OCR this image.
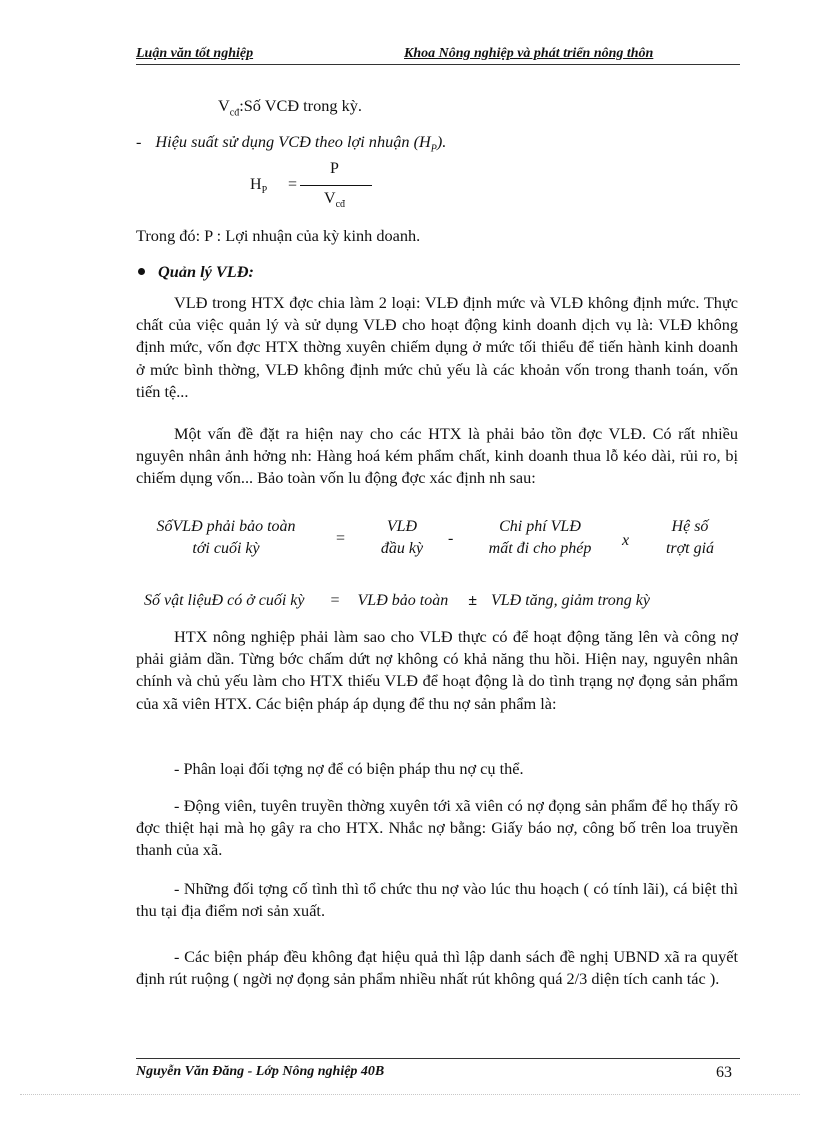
Luận văn tốt nghiệp	Khoa Nông nghiệp và phát triển nông thôn
$V_{cđ}:Số$ VCĐ trong kỳ.
- Hiệu suất sử dụng VCĐ theo lợi nhuận $(H_P)$.
$H_P$ =
P
$V_{cđ}$
Trong đó: P : Lợi nhuận của kỳ kinh doanh.
Quản lý VLĐ:
VLĐ trong HTX đợc chia làm 2 loại: VLĐ định mức và VLĐ không định mức. Thực chất của việc quản lý và sử dụng VLĐ cho hoạt động kinh doanh dịch vụ là: VLĐ không định mức, vốn đợc HTX thờng xuyên chiếm dụng ở mức tối thiểu để tiến hành kinh doanh ở mức bình thờng, VLĐ không định mức chủ yếu là các khoản vốn trong thanh toán, vốn tiến tệ...
Một vấn đề đặt ra hiện nay cho các HTX là phải bảo tồn đợc VLĐ. Có rất nhiều nguyên nhân ảnh hởng nh: Hàng hoá kém phẩm chất, kinh doanh thua lỗ kéo dài, rủi ro, bị chiếm dụng vốn... Bảo toàn vốn lu động đợc xác định nh sau:
SốVLĐ phải bảo toàn
tới cuối kỳ
=
VLĐ
đầu kỳ
-
Chi phí VLĐ
mất đi cho phép	x
Hệ số
trợt giá
Số vật liệuĐ có ở cuối kỳ = VLĐ bảo toàn ± VLĐ tăng, giảm trong kỳ
HTX nông nghiệp phải làm sao cho VLĐ thực có để hoạt động tăng lên và công nợ phải giảm dần. Từng bớc chấm dứt nợ không có khả năng thu hồi. Hiện nay, nguyên nhân chính và chủ yếu làm cho HTX thiếu VLĐ để hoạt động là do tình trạng nợ đọng sản phẩm của xã viên HTX. Các biện pháp áp dụng để thu nợ sản phẩm là:
- Phân loại đối tợng nợ để có biện pháp thu nợ cụ thể.
- Động viên, tuyên truyền thờng xuyên tới xã viên có nợ đọng sản phẩm để họ thấy rõ đợc thiệt hại mà họ gây ra cho HTX. Nhắc nợ bằng: Giấy báo nợ, công bố trên loa truyền thanh của xã.
- Những đối tợng cố tình thì tổ chức thu nợ vào lúc thu hoạch ( có tính lãi), cá biệt thì thu tại địa điểm nơi sản xuất.
- Các biện pháp đều không đạt hiệu quả thì lập danh sách đề nghị UBND xã ra quyết định rút ruộng ( ngời nợ đọng sản phẩm nhiều nhất rút không quá 2/3 diện tích canh tác ).
Nguyễn Văn Đăng - Lớp Nông nghiệp 40B	63
